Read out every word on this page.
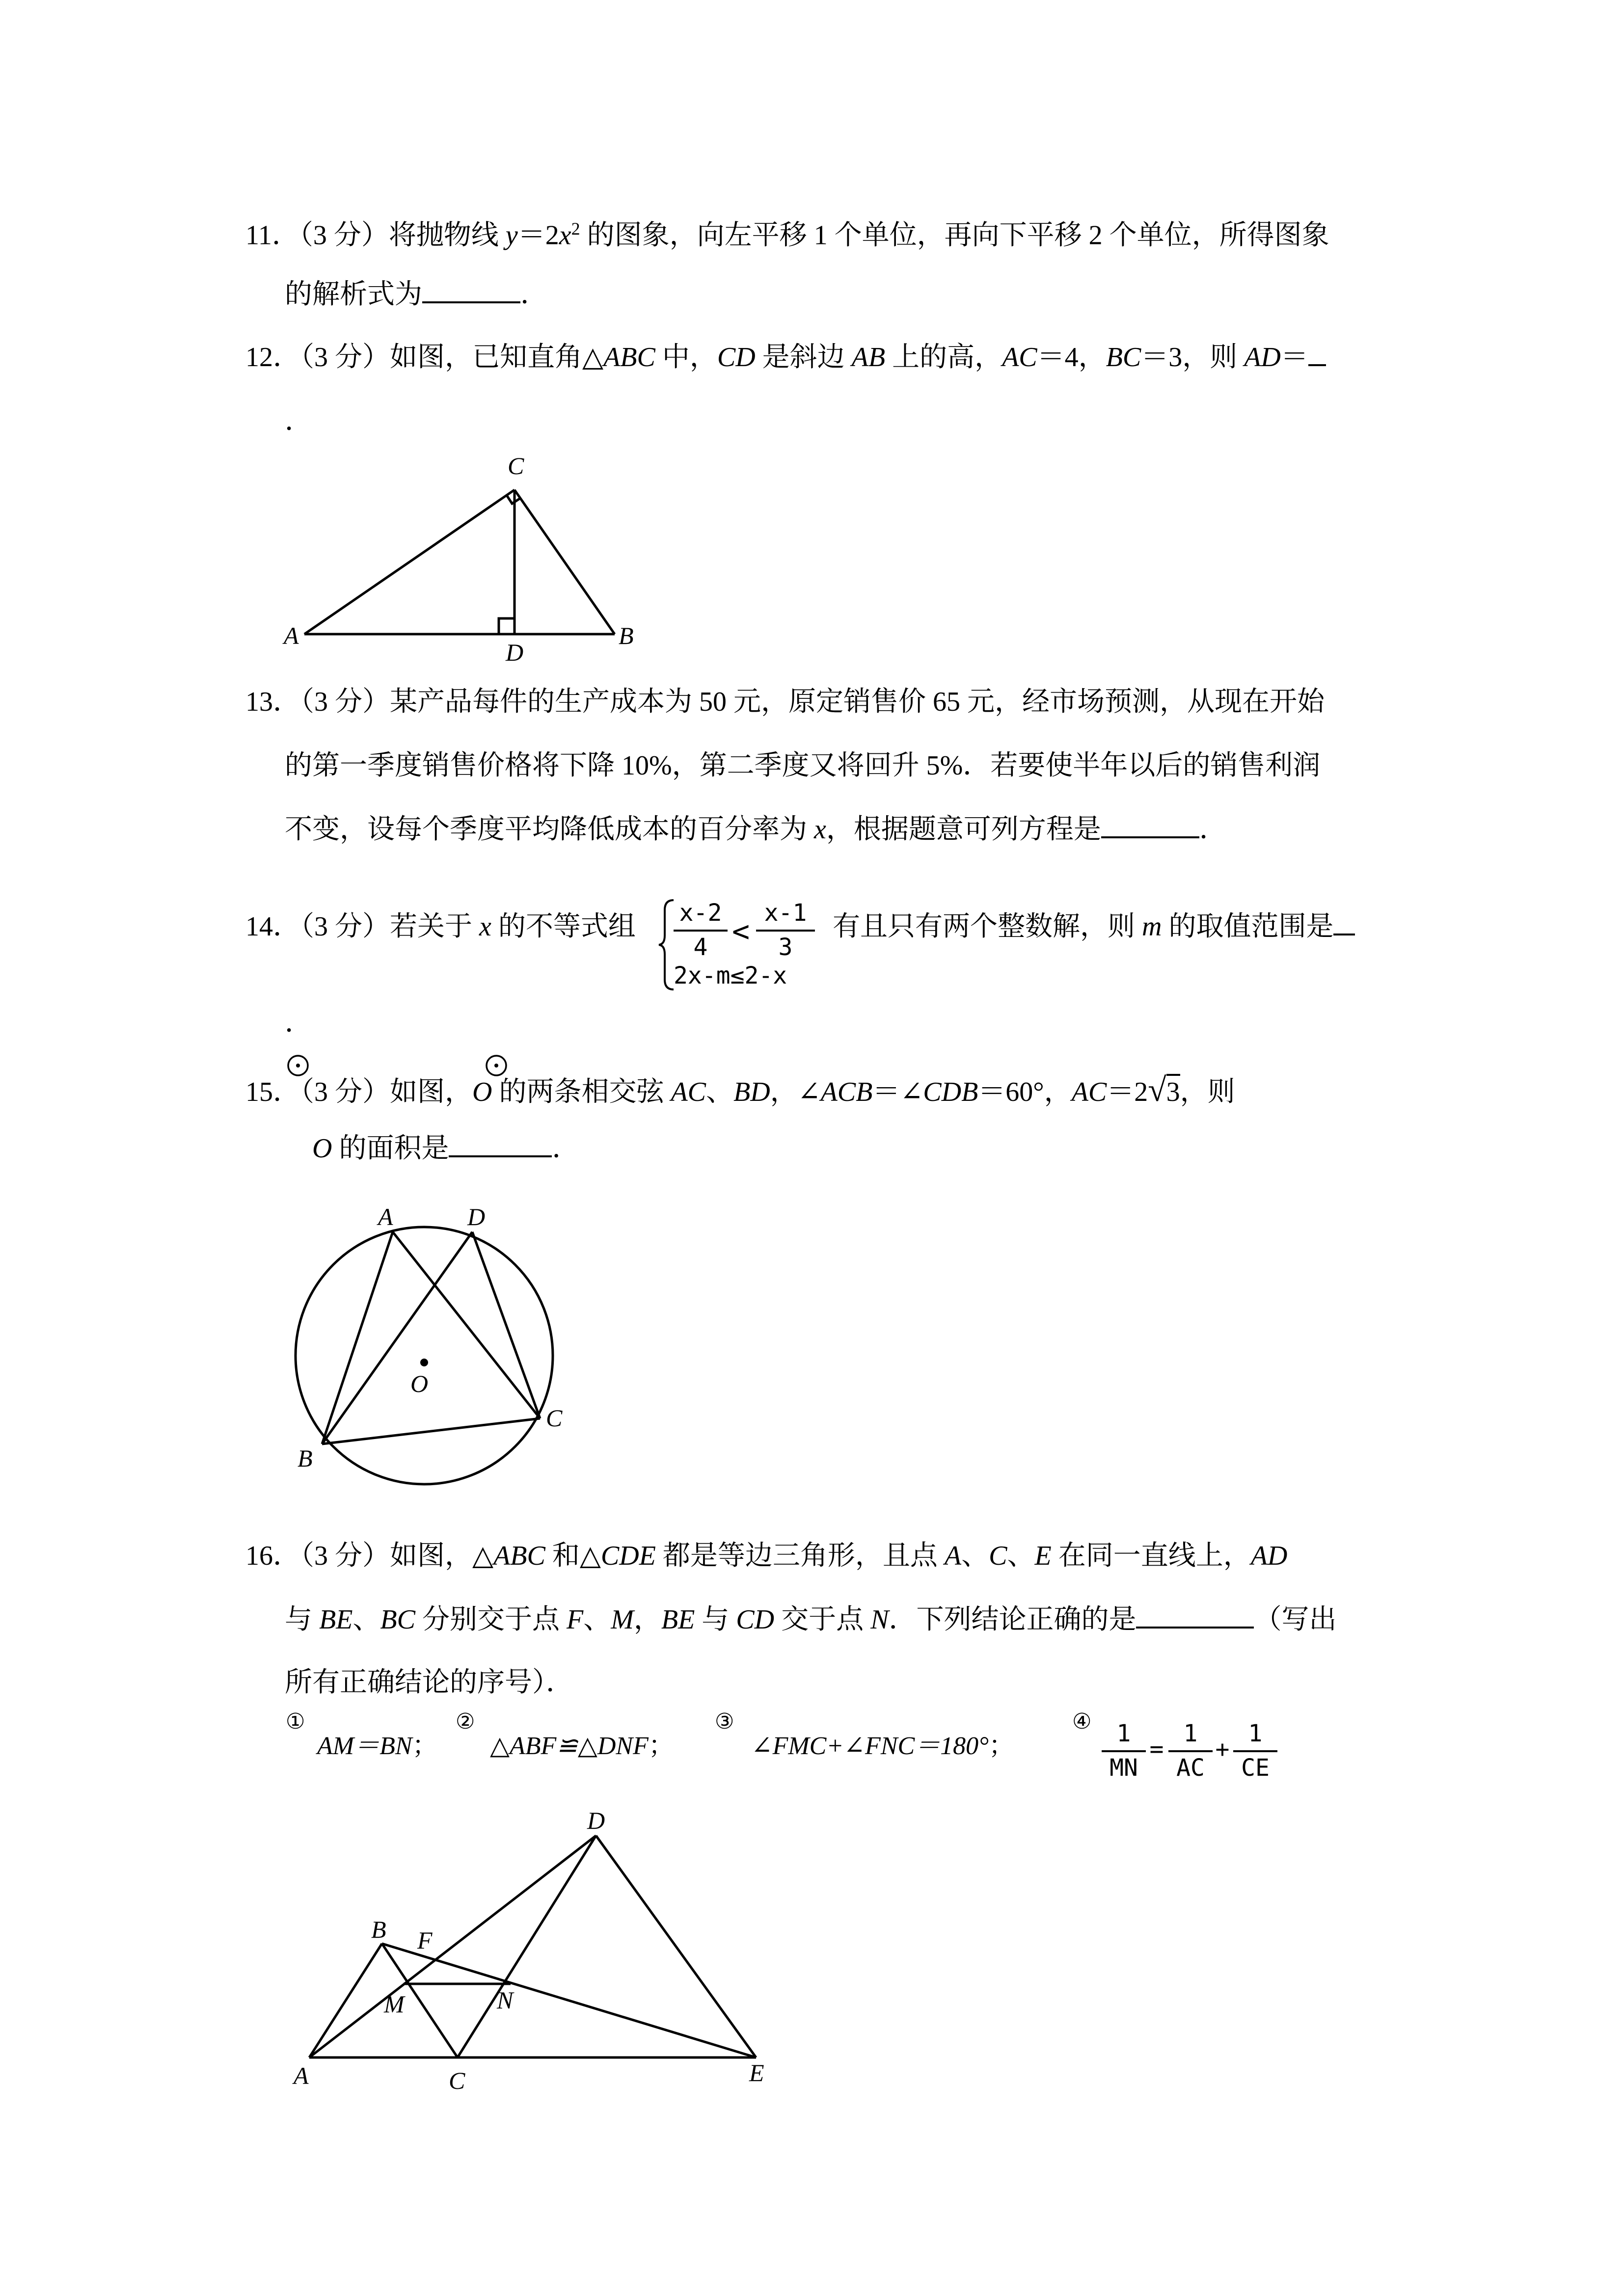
11．（3 分）将抛物线 $y=2x^2$ 的图象，向左平移 1 个单位，再向下平移 2 个单位，所得图象
的解析式为	．
12．（3 分）如图，已知直角△ABC 中，CD 是斜边 AB 上的高，AC＝4，BC＝3，则 AD＝
．
A	B
C
D
13．（3 分）某产品每件的生产成本为 50 元，原定销售价 65 元，经市场预测，从现在开始
的第一季度销售价格将下降 10%，第二季度又将回升 5%．若要使半年以后的销售利润
不变，设每个季度平均降低成本的百分率为 x，根据题意可列方程是	．
14．（3 分）若关于 x 的不等式组 x-2
4 <
x-1
3
2x-m≤2-x
有且只有两个整数解，则 m 的取值范围是
．
15．（3 分）如图，O 的两条相交弦 AC、BD，∠ACB＝∠CDB＝60°，AC＝2√3，则
O 的面积是	．
A	D
B
C
O
16．（3 分）如图，△ABC 和△CDE 都是等边三角形，且点 A、C、E 在同一直线上，AD
与 BE、BC 分别交于点 F、M，BE 与 CD 交于点 N．下列结论正确的是	（写出
所有正确结论的序号）．
①
AM＝BN；
②
△ABF≌△DNF；
③
∠FMC+∠FNC＝180°；
④	1
MN
=
1
AC
+
1
CE
A
B
C
D
E
F
M	N
